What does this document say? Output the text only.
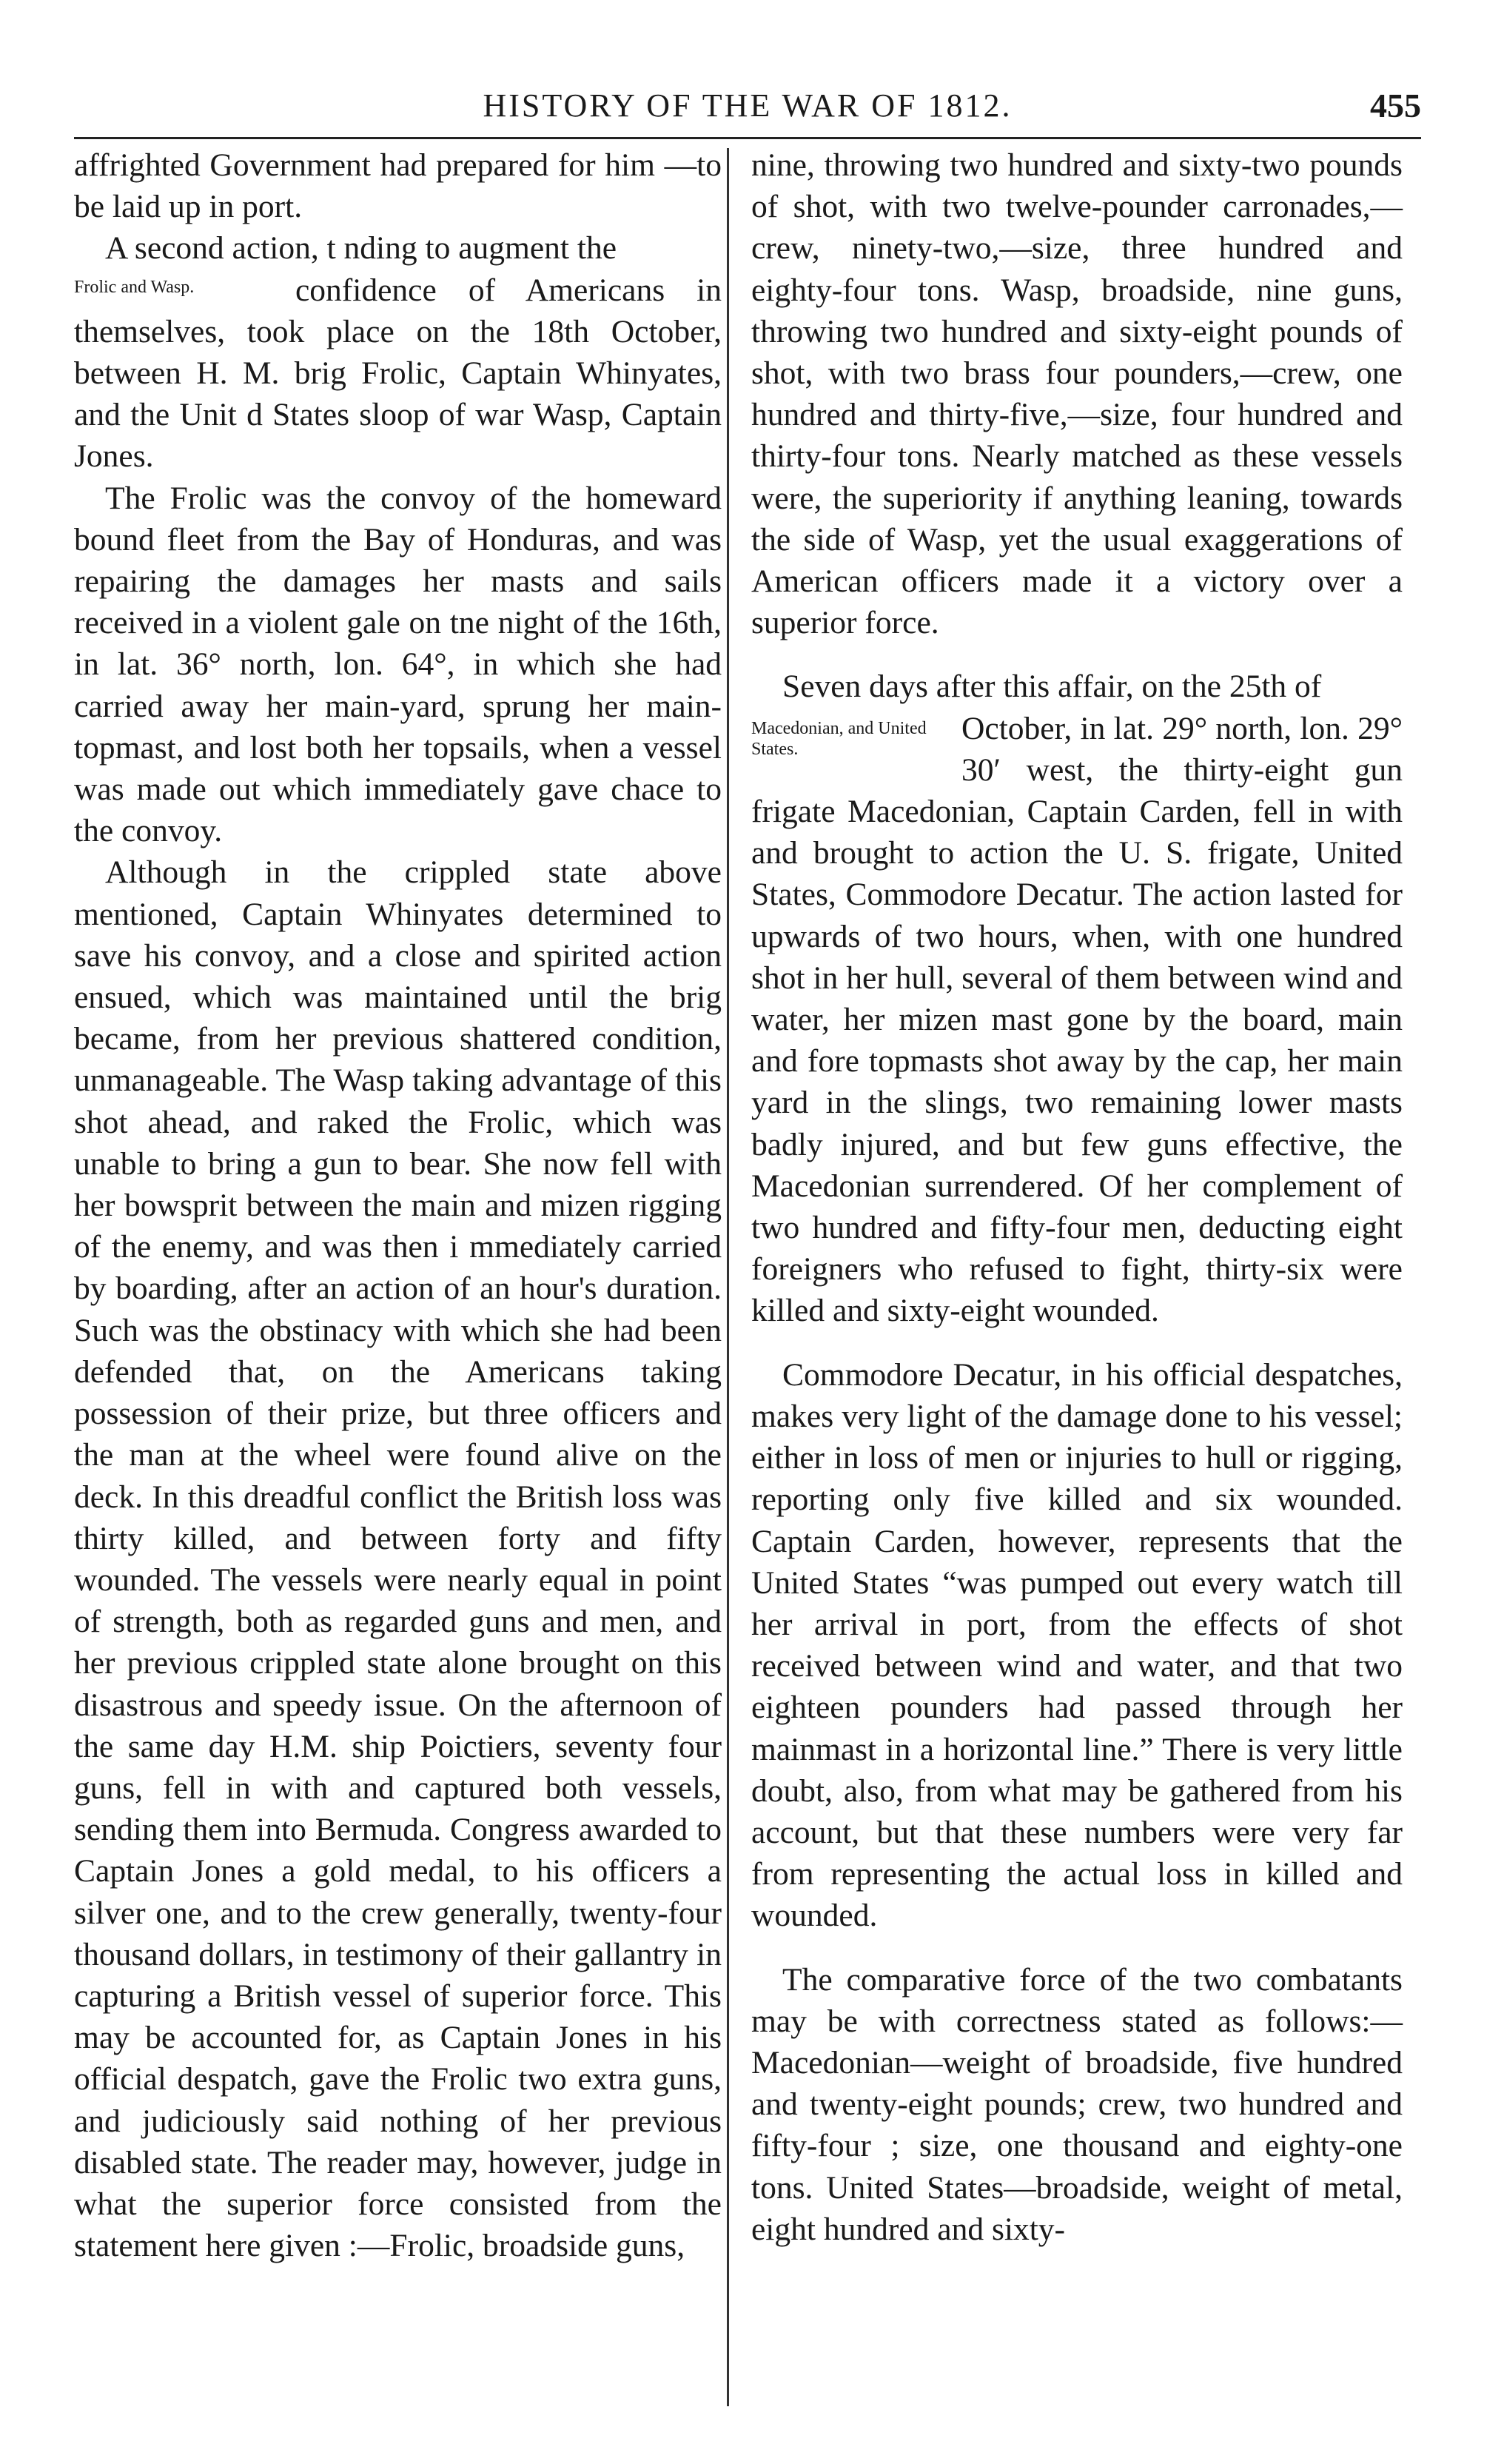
HISTORY OF THE WAR OF 1812.	455

affrighted Government had prepared for him —to be laid up in port.

A second action, t nding to augment the

Frolic and Wasp.	confidence of Americans in themselves, took place on the 18th October, between H. M. brig Frolic, Captain Whinyates, and the Unit d States sloop of war Wasp, Captain Jones.

The Frolic was the convoy of the homeward bound fleet from the Bay of Honduras, and was repairing the damages her masts and sails received in a violent gale on tne night of the 16th, in lat. 36° north, lon. 64°, in which she had carried away her main-yard, sprung her main-topmast, and lost both her topsails, when a vessel was made out which immediately gave chace to the convoy.

Although in the crippled state above mentioned, Captain Whinyates determined to save his convoy, and a close and spirited action ensued, which was maintained until the brig became, from her previous shattered condition, unmanageable. The Wasp taking advantage of this shot ahead, and raked the Frolic, which was unable to bring a gun to bear. She now fell with her bowsprit between the main and mizen rigging of the enemy, and was then i mmediately carried by boarding, after an action of an hour's duration. Such was the obstinacy with which she had been defended that, on the Americans taking possession of their prize, but three officers and the man at the wheel were found alive on the deck. In this dreadful conflict the British loss was thirty killed, and between forty and fifty wounded. The vessels were nearly equal in point of strength, both as regarded guns and men, and her previous crippled state alone brought on this disastrous and speedy issue. On the afternoon of the same day H.M. ship Poictiers, seventy four guns, fell in with and captured both vessels, sending them into Bermuda. Congress awarded to Captain Jones a gold medal, to his officers a silver one, and to the crew generally, twenty-four thousand dollars, in testimony of their gallantry in capturing a British vessel of superior force. This may be accounted for, as Captain Jones in his official despatch, gave the Frolic two extra guns, and judiciously said nothing of her previous disabled state. The reader may, however, judge in what the superior force consisted from the statement here given :—Frolic, broadside guns,

nine, throwing two hundred and sixty-two pounds of shot, with two twelve-pounder carronades,—crew, ninety-two,—size, three hundred and eighty-four tons. Wasp, broadside, nine guns, throwing two hundred and sixty-eight pounds of shot, with two brass four pounders,—crew, one hundred and thirty-five,—size, four hundred and thirty-four tons. Nearly matched as these vessels were, the superiority if anything leaning, towards the side of Wasp, yet the usual exaggerations of American officers made it a victory over a superior force.

Seven days after this affair, on the 25th of

Macedonian, and United States.
October, in lat. 29° north, lon. 29° 30′ west, the thirty-eight gun frigate Macedonian, Captain Carden, fell in with and brought to action the U. S. frigate, United States, Commodore Decatur. The action lasted for upwards of two hours, when, with one hundred shot in her hull, several of them between wind and water, her mizen mast gone by the board, main and fore topmasts shot away by the cap, her main yard in the slings, two remaining lower masts badly injured, and but few guns effective, the Macedonian surrendered. Of her complement of two hundred and fifty-four men, deducting eight foreigners who refused to fight, thirty-six were killed and sixty-eight wounded.

Commodore Decatur, in his official despatches, makes very light of the damage done to his vessel; either in loss of men or injuries to hull or rigging, reporting only five killed and six wounded. Captain Carden, however, represents that the United States “was pumped out every watch till her arrival in port, from the effects of shot received between wind and water, and that two eighteen pounders had passed through her mainmast in a horizontal line.” There is very little doubt, also, from what may be gathered from his account, but that these numbers were very far from representing the actual loss in killed and wounded.

The comparative force of the two combatants may be with correctness stated as follows:—Macedonian—weight of broadside, five hundred and twenty-eight pounds; crew, two hundred and fifty-four ; size, one thousand and eighty-one tons. United States—broadside, weight of metal, eight hundred and sixty-
